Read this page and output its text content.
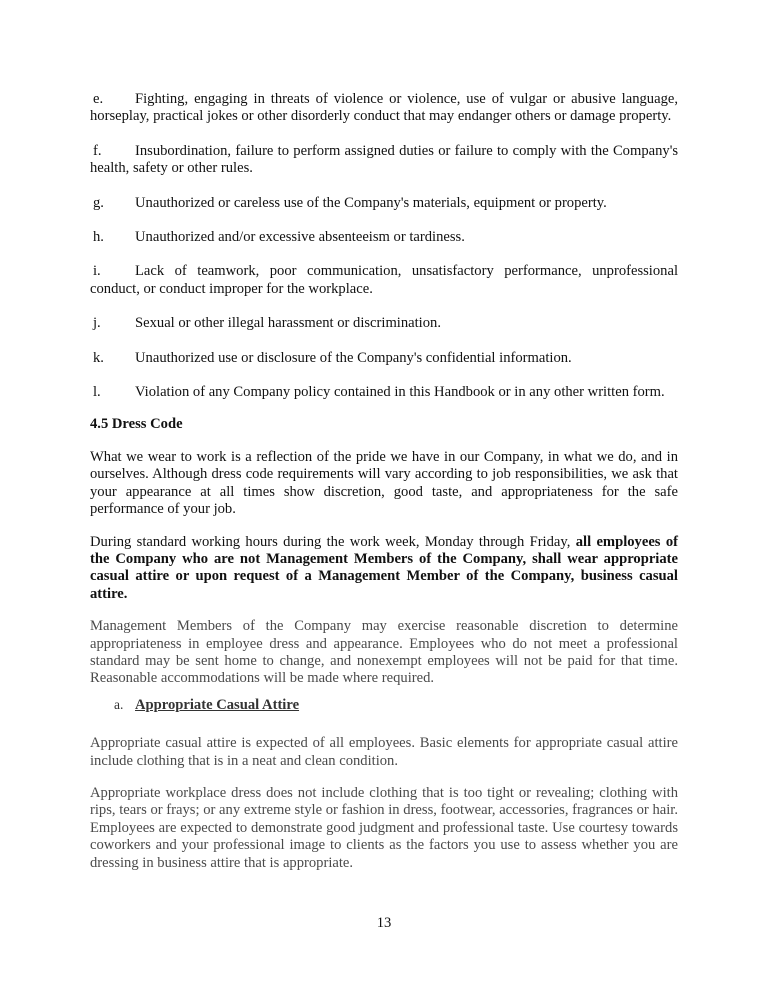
e. Fighting, engaging in threats of violence or violence, use of vulgar or abusive language, horseplay, practical jokes or other disorderly conduct that may endanger others or damage property.

f. Insubordination, failure to perform assigned duties or failure to comply with the Company's health, safety or other rules.

g. Unauthorized or careless use of the Company's materials, equipment or property.

h. Unauthorized and/or excessive absenteeism or tardiness.

i. Lack of teamwork, poor communication, unsatisfactory performance, unprofessional conduct, or conduct improper for the workplace.

j. Sexual or other illegal harassment or discrimination.

k. Unauthorized use or disclosure of the Company's confidential information.

l. Violation of any Company policy contained in this Handbook or in any other written form.

4.5 Dress Code

What we wear to work is a reflection of the pride we have in our Company, in what we do, and in ourselves. Although dress code requirements will vary according to job responsibilities, we ask that your appearance at all times show discretion, good taste, and appropriateness for the safe performance of your job.

During standard working hours during the work week, Monday through Friday, all employees of the Company who are not Management Members of the Company, shall wear appropriate casual attire or upon request of a Management Member of the Company, business casual attire.

Management Members of the Company may exercise reasonable discretion to determine appropriateness in employee dress and appearance. Employees who do not meet a professional standard may be sent home to change, and nonexempt employees will not be paid for that time. Reasonable accommodations will be made where required.

a. Appropriate Casual Attire

Appropriate casual attire is expected of all employees. Basic elements for appropriate casual attire include clothing that is in a neat and clean condition.

Appropriate workplace dress does not include clothing that is too tight or revealing; clothing with rips, tears or frays; or any extreme style or fashion in dress, footwear, accessories, fragrances or hair. Employees are expected to demonstrate good judgment and professional taste. Use courtesy towards coworkers and your professional image to clients as the factors you use to assess whether you are dressing in business attire that is appropriate.

13
